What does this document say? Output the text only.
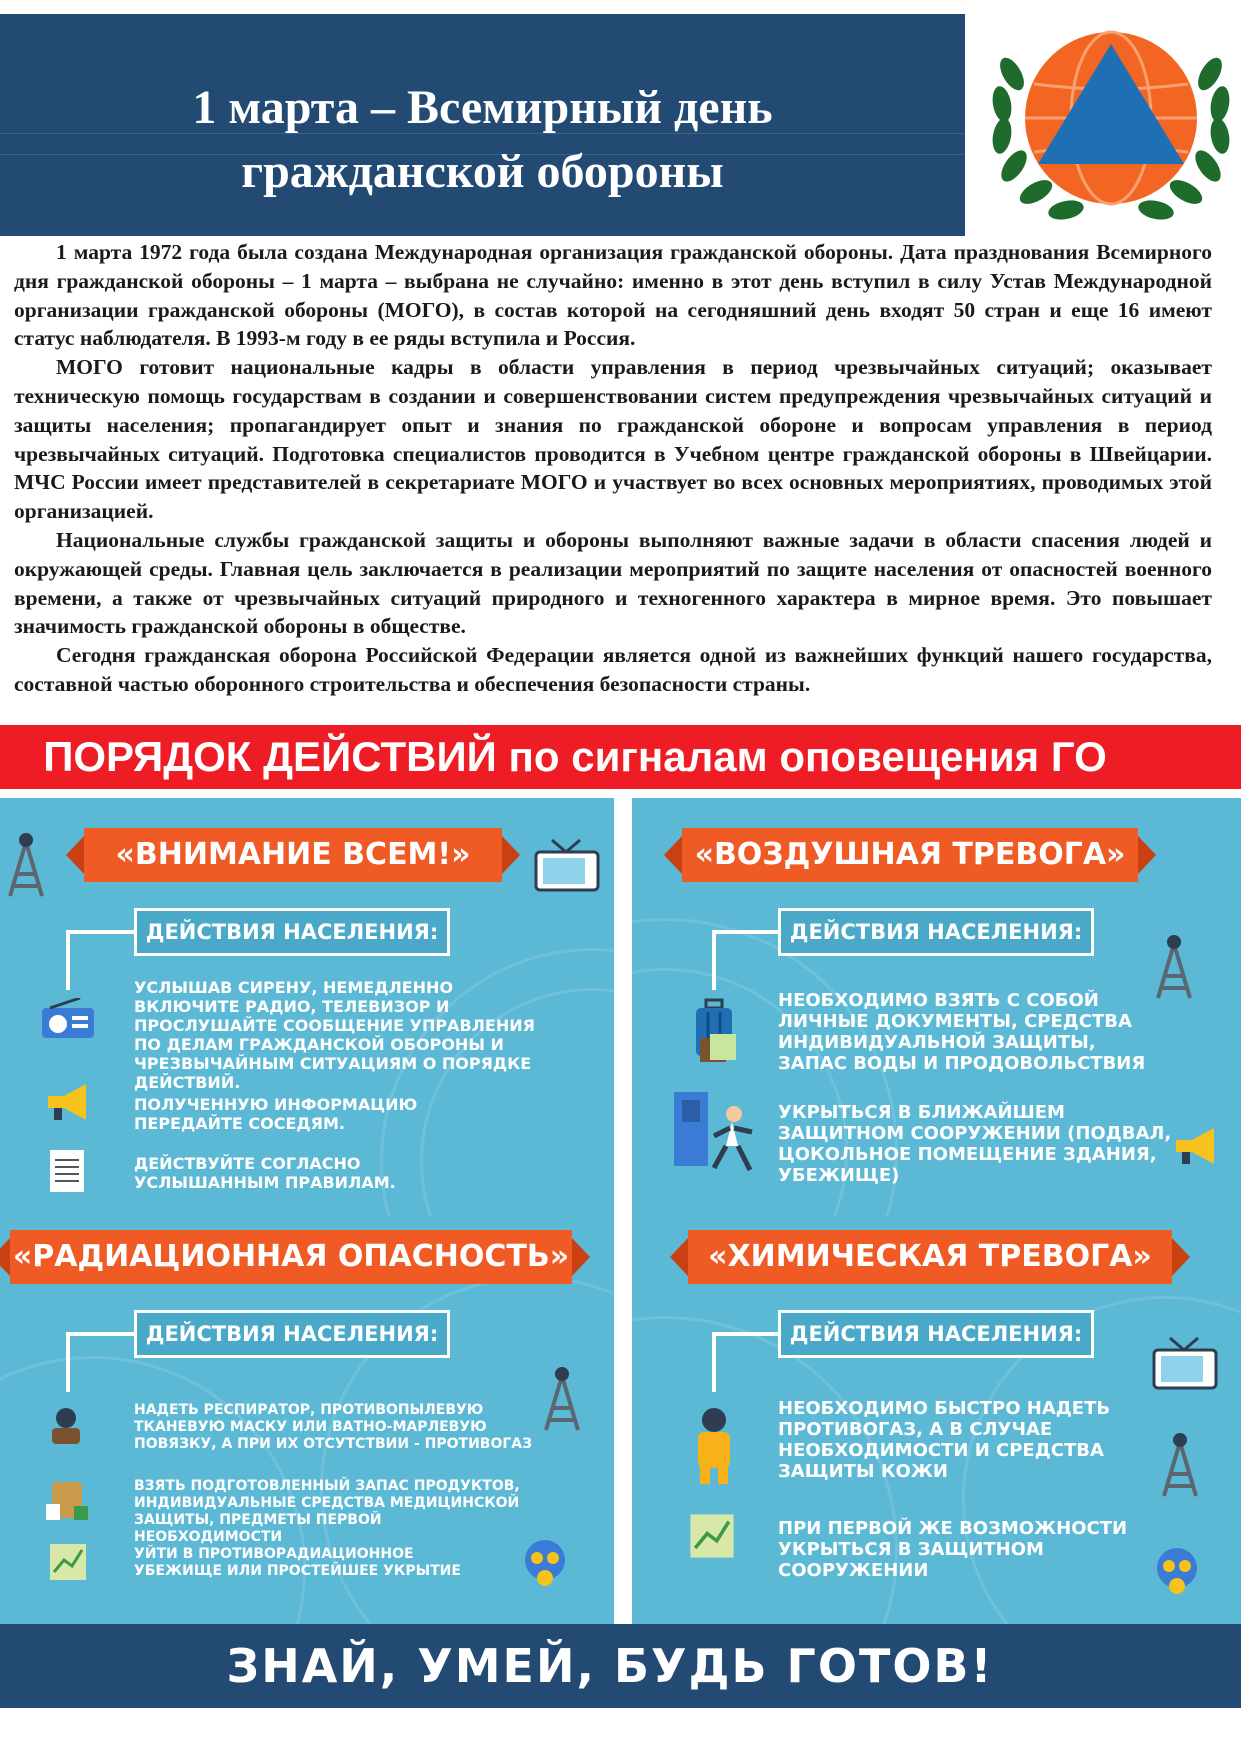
1 марта – Всемирный день
гражданской обороны

1 марта 1972 года была создана Международная организация гражданской обороны. Дата празднования Всемирного дня гражданской обороны – 1 марта – выбрана не случайно: именно в этот день вступил в силу Устав Международной организации гражданской обороны (МОГО), в состав которой на сегодняшний день входят 50 стран и еще 16 имеют статус наблюдателя. В 1993-м году в ее ряды вступила и Россия.

МОГО готовит национальные кадры в области управления в период чрезвычайных ситуаций; оказывает техническую помощь государствам в создании и совершенствовании систем предупреждения чрезвычайных ситуаций и защиты населения; пропагандирует опыт и знания по гражданской обороне и вопросам управления в период чрезвычайных ситуаций. Подготовка специалистов проводится в Учебном центре гражданской обороны в Швейцарии. МЧС России имеет представителей в секретариате МОГО и участвует во всех основных мероприятиях, проводимых этой организацией.

Национальные службы гражданской защиты и обороны выполняют важные задачи в области спасения людей и окружающей среды. Главная цель заключается в реализации мероприятий по защите населения от опасностей военного времени, а также от чрезвычайных ситуаций природного и техногенного характера в мирное время. Это повышает значимость гражданской обороны в обществе.

Сегодня гражданская оборона Российской Федерации является одной из важнейших функций нашего государства, составной частью оборонного строительства и обеспечения безопасности страны.

ПОРЯДОК ДЕЙСТВИЙ по сигналам оповещения ГО
«ВНИМАНИЕ ВСЕМ!»
ДЕЙСТВИЯ НАСЕЛЕНИЯ:
УСЛЫШАВ СИРЕНУ, НЕМЕДЛЕННО ВКЛЮЧИТЕ РАДИО, ТЕЛЕВИЗОР И ПРОСЛУШАЙТЕ СООБЩЕНИЕ УПРАВЛЕНИЯ ПО ДЕЛАМ ГРАЖДАНСКОЙ ОБОРОНЫ И ЧРЕЗВЫЧАЙНЫМ СИТУАЦИЯМ О ПОРЯДКЕ ДЕЙСТВИЙ.
ПОЛУЧЕННУЮ ИНФОРМАЦИЮ ПЕРЕДАЙТЕ СОСЕДЯМ.
ДЕЙСТВУЙТЕ СОГЛАСНО УСЛЫШАННЫМ ПРАВИЛАМ.
«ВОЗДУШНАЯ ТРЕВОГА»
ДЕЙСТВИЯ НАСЕЛЕНИЯ:
НЕОБХОДИМО ВЗЯТЬ С СОБОЙ ЛИЧНЫЕ ДОКУМЕНТЫ, СРЕДСТВА ИНДИВИДУАЛЬНОЙ ЗАЩИТЫ, ЗАПАС ВОДЫ И ПРОДОВОЛЬСТВИЯ
УКРЫТЬСЯ В БЛИЖАЙШЕМ ЗАЩИТНОМ СООРУЖЕНИИ (ПОДВАЛ, ЦОКОЛЬНОЕ ПОМЕЩЕНИЕ ЗДАНИЯ, УБЕЖИЩЕ)
«РАДИАЦИОННАЯ ОПАСНОСТЬ»
ДЕЙСТВИЯ НАСЕЛЕНИЯ:
НАДЕТЬ РЕСПИРАТОР, ПРОТИВОПЫЛЕВУЮ ТКАНЕВУЮ МАСКУ ИЛИ ВАТНО-МАРЛЕВУЮ ПОВЯЗКУ, А ПРИ ИХ ОТСУТСТВИИ - ПРОТИВОГАЗ
ВЗЯТЬ ПОДГОТОВЛЕННЫЙ ЗАПАС ПРОДУКТОВ, ИНДИВИДУАЛЬНЫЕ СРЕДСТВА МЕДИЦИНСКОЙ ЗАЩИТЫ, ПРЕДМЕТЫ ПЕРВОЙ НЕОБХОДИМОСТИ
УЙТИ В ПРОТИВОРАДИАЦИОННОЕ УБЕЖИЩЕ ИЛИ ПРОСТЕЙШЕЕ УКРЫТИЕ
«ХИМИЧЕСКАЯ ТРЕВОГА»
ДЕЙСТВИЯ НАСЕЛЕНИЯ:
НЕОБХОДИМО БЫСТРО НАДЕТЬ ПРОТИВОГАЗ, А В СЛУЧАЕ НЕОБХОДИМОСТИ И СРЕДСТВА ЗАЩИТЫ КОЖИ
ПРИ ПЕРВОЙ ЖЕ ВОЗМОЖНОСТИ УКРЫТЬСЯ В ЗАЩИТНОМ СООРУЖЕНИИ
ЗНАЙ, УМЕЙ, БУДЬ ГОТОВ!
